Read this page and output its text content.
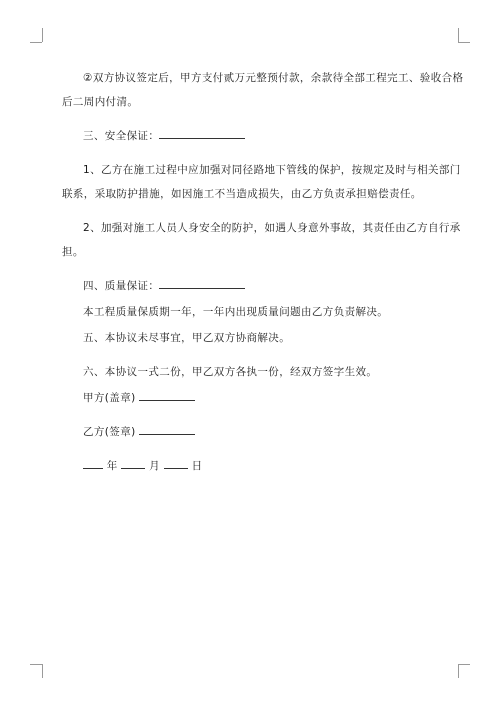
②双方协议签定后，甲方支付贰万元整预付款，余款待全部工程完工、验收合格

后二周内付清。

三、安全保证：

1、乙方在施工过程中应加强对同径路地下管线的保护，按规定及时与相关部门

联系，采取防护措施，如因施工不当造成损失，由乙方负责承担赔偿责任。

2、加强对施工人员人身安全的防护，如遇人身意外事故，其责任由乙方自行承

担。

四、质量保证：

本工程质量保质期一年，一年内出现质量问题由乙方负责解决。

五、本协议未尽事宜，甲乙双方协商解决。

六、本协议一式二份，甲乙双方各执一份，经双方签字生效。

甲方(盖章)

乙方(签章)

年	月	日
